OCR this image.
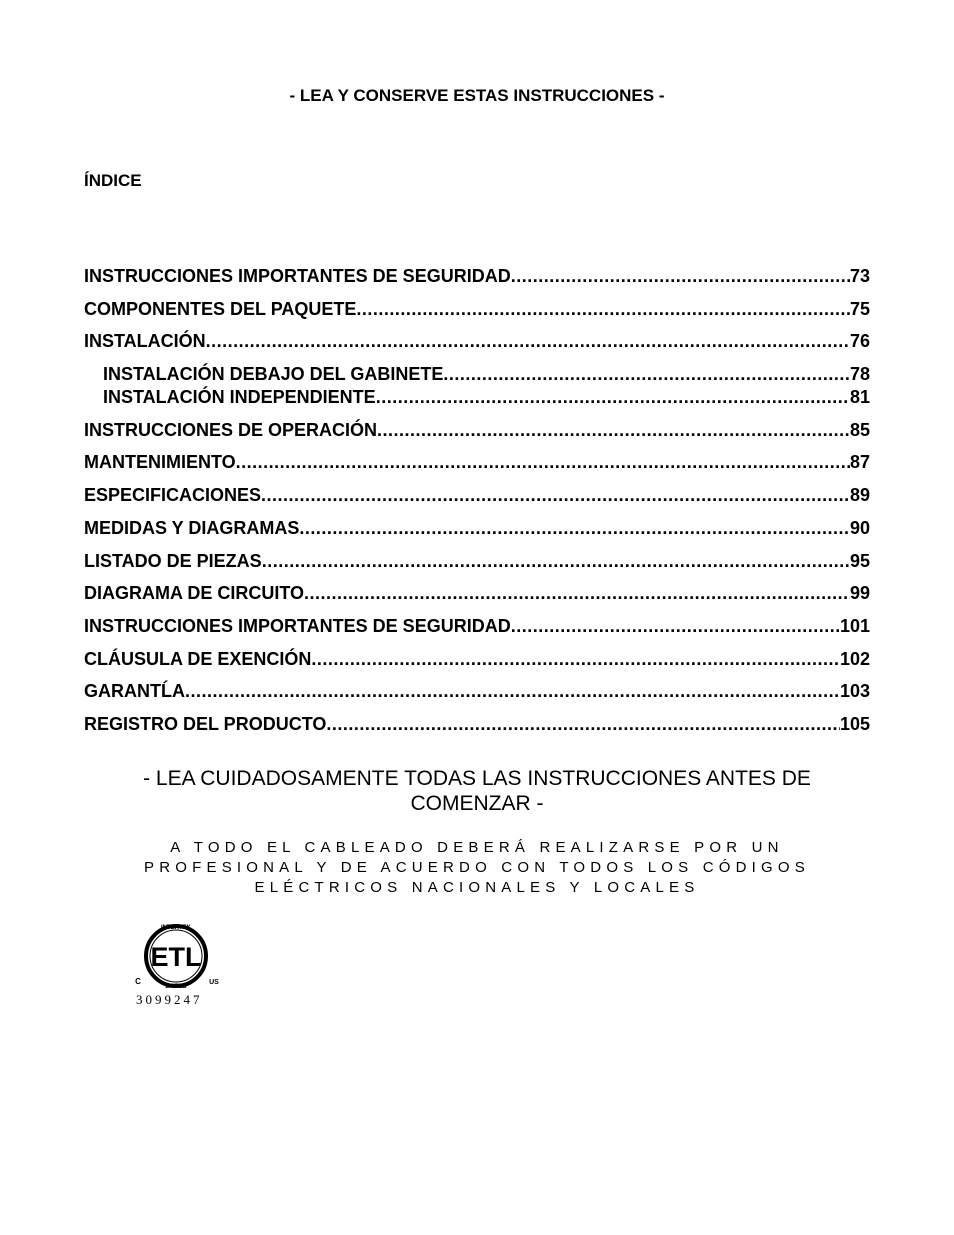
- LEA Y CONSERVE ESTAS INSTRUCCIONES -
ÍNDICE
INSTRUCCIONES IMPORTANTES DE SEGURIDAD .....	73
COMPONENTES DEL PAQUETE .....	75
INSTALACIÓN .....	76
INSTALACIÓN DEBAJO DEL GABINETE .....	78
INSTALACIÓN INDEPENDIENTE .....	81
INSTRUCCIONES DE OPERACIÓN .....	85
MANTENIMIENTO .....	87
ESPECIFICACIONES .....	89
MEDIDAS Y DIAGRAMAS .....	90
LISTADO DE PIEZAS .....	95
DIAGRAMA DE CIRCUITO .....	99
INSTRUCCIONES IMPORTANTES DE SEGURIDAD .....	101
CLÁUSULA DE EXENCIÓN .....	102
GARANTĹA .....	103
REGISTRO DEL PRODUCTO .....	105
- LEA CUIDADOSAMENTE TODAS LAS INSTRUCCIONES ANTES DE COMENZAR -
A TODO EL CABLEADO DEBERÁ REALIZARSE POR UN PROFESIONAL Y DE ACUERDO CON TODOS LOS CÓDIGOS ELÉCTRICOS NACIONALES Y LOCALES
ETL
INTERTEK
LISTED
C	US
3099247
